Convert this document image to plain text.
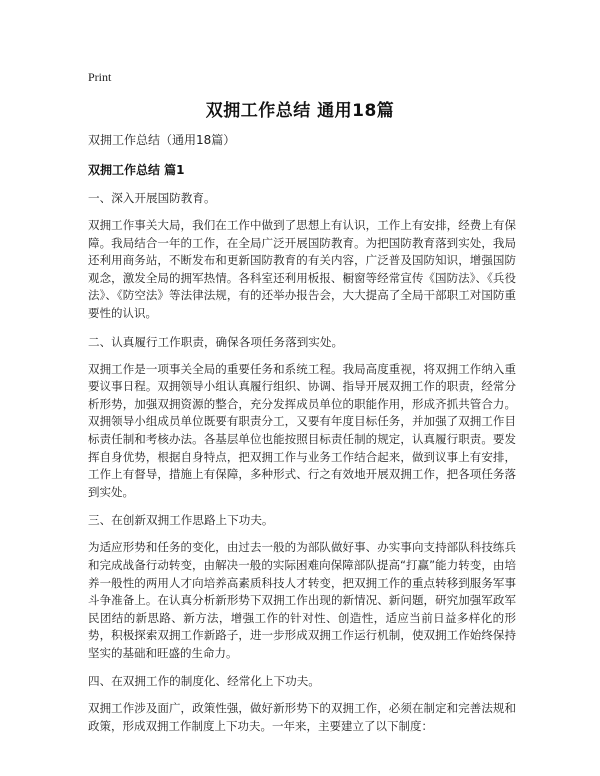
Print
双拥工作总结 通用18篇

双拥工作总结（通用18篇）

双拥工作总结 篇1

一、深入开展国防教育。

双拥工作事关大局，我们在工作中做到了思想上有认识，工作上有安排，经费上有保障。我局结合一年的工作，在全局广泛开展国防教育。为把国防教育落到实处，我局还利用商务站，不断发布和更新国防教育的有关内容，广泛普及国防知识，增强国防观念，激发全局的拥军热情。各科室还利用板报、橱窗等经常宣传《国防法》、《兵役法》、《防空法》等法律法规，有的还举办报告会，大大提高了全局干部职工对国防重要性的认识。

二、认真履行工作职责，确保各项任务落到实处。

双拥工作是一项事关全局的重要任务和系统工程。我局高度重视，将双拥工作纳入重要议事日程。双拥领导小组认真履行组织、协调、指导开展双拥工作的职责，经常分析形势，加强双拥资源的整合，充分发挥成员单位的职能作用，形成齐抓共管合力。双拥领导小组成员单位既要有职责分工，又要有年度目标任务，并加强了双拥工作目标责任制和考核办法。各基层单位也能按照目标责任制的规定，认真履行职责。要发挥自身优势，根据自身特点，把双拥工作与业务工作结合起来，做到议事上有安排，工作上有督导，措施上有保障，多种形式、行之有效地开展双拥工作，把各项任务落到实处。

三、在创新双拥工作思路上下功夫。

为适应形势和任务的变化，由过去一般的为部队做好事、办实事向支持部队科技练兵和完成战备行动转变，由解决一般的实际困难向保障部队提高“打赢”能力转变，由培养一般性的两用人才向培养高素质科技人才转变，把双拥工作的重点转移到服务军事斗争准备上。在认真分析新形势下双拥工作出现的新情况、新问题，研究加强军政军民团结的新思路、新方法，增强工作的针对性、创造性，适应当前日益多样化的形势，积极探索双拥工作新路子，进一步形成双拥工作运行机制，使双拥工作始终保持坚实的基础和旺盛的生命力。

四、在双拥工作的制度化、经常化上下功夫。

双拥工作涉及面广，政策性强，做好新形势下的双拥工作，必须在制定和完善法规和政策，形成双拥工作制度上下功夫。一年来，主要建立了以下制度：
